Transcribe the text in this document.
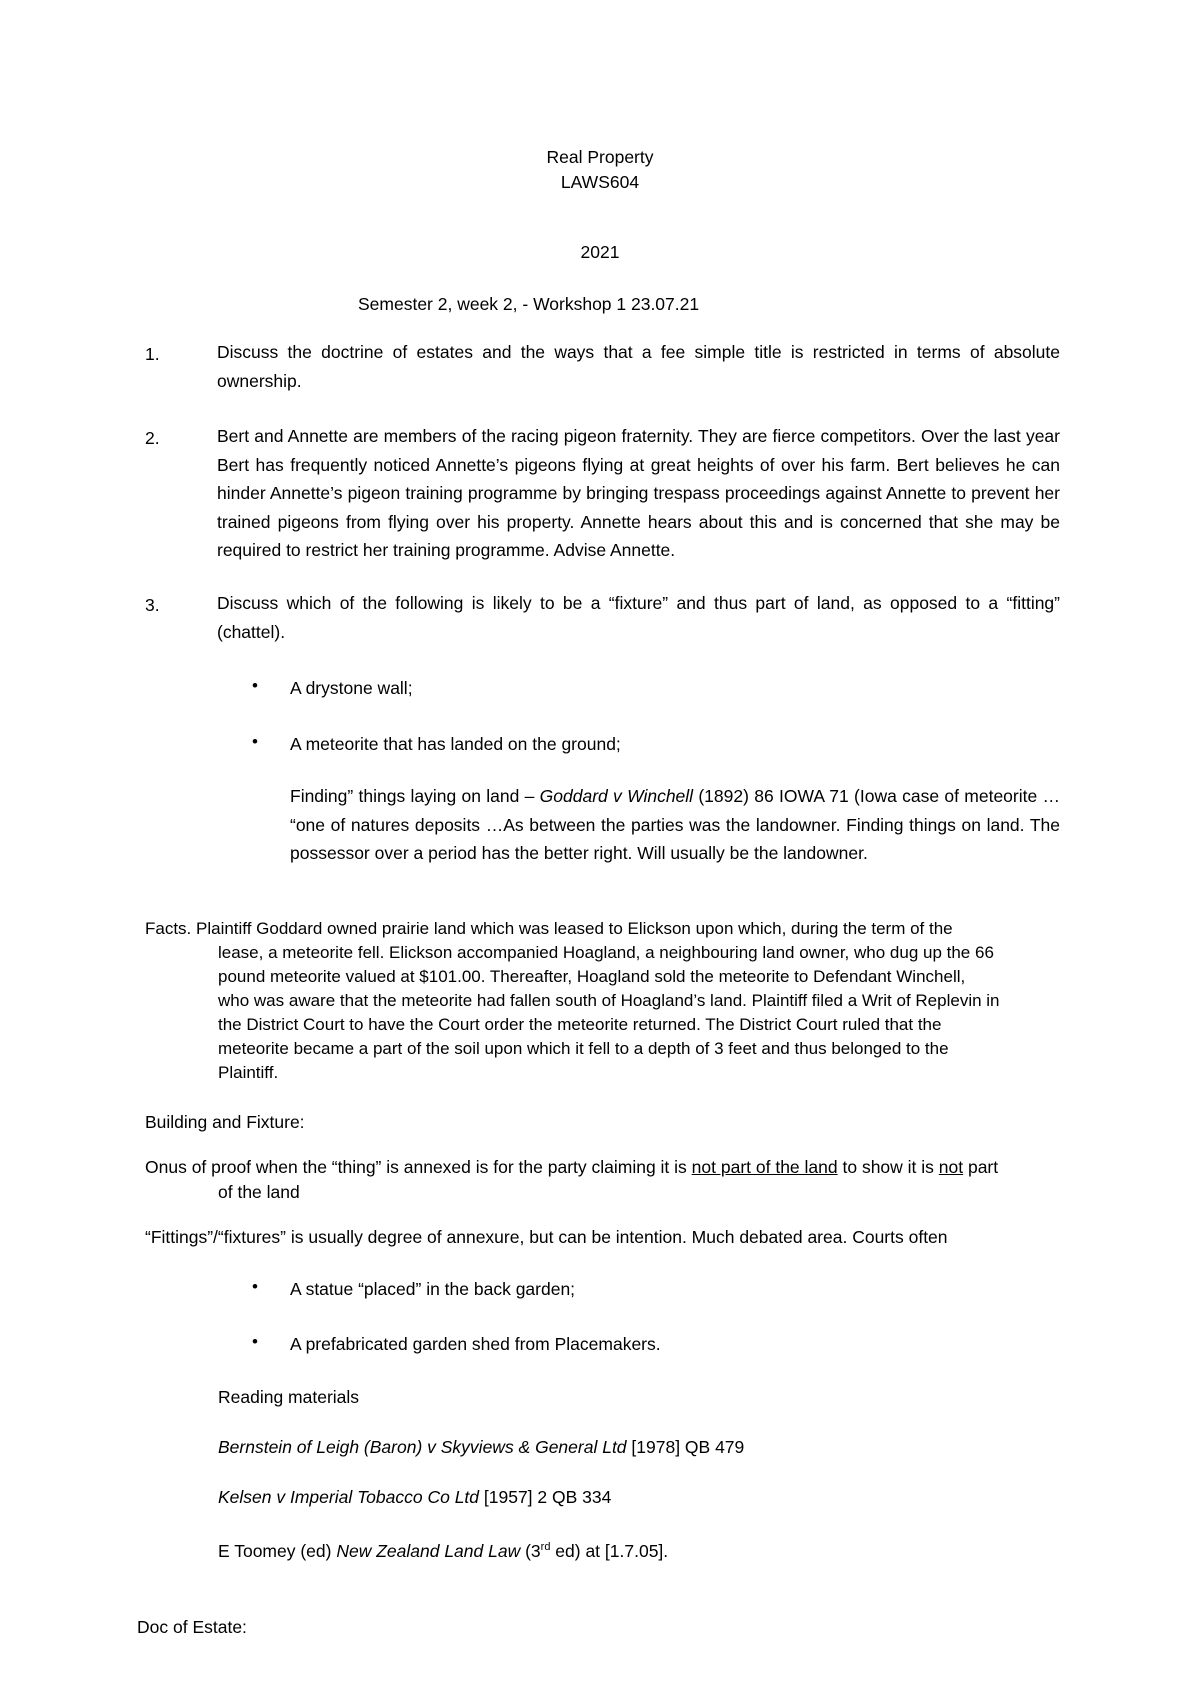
Real Property
LAWS604
2021
Semester 2, week 2, - Workshop 1 23.07.21
1.	Discuss the doctrine of estates and the ways that a fee simple title is restricted in terms of absolute ownership.
2.	Bert and Annette are members of the racing pigeon fraternity. They are fierce competitors. Over the last year Bert has frequently noticed Annette’s pigeons flying at great heights of over his farm. Bert believes he can hinder Annette’s pigeon training programme by bringing trespass proceedings against Annette to prevent her trained pigeons from flying over his property. Annette hears about this and is concerned that she may be required to restrict her training programme. Advise Annette.
3.	Discuss which of the following is likely to be a “fixture” and thus part of land, as opposed to a “fitting” (chattel).
• A drystone wall;
• A meteorite that has landed on the ground;
Finding” things laying on land – Goddard v Winchell (1892) 86 IOWA 71 (Iowa case of meteorite … “one of natures deposits …As between the parties was the landowner. Finding things on land. The possessor over a period has the better right. Will usually be the landowner.
Facts. Plaintiff Goddard owned prairie land which was leased to Elickson upon which, during the term of the
lease, a meteorite fell. Elickson accompanied Hoagland, a neighbouring land owner, who dug up the 66
pound meteorite valued at $101.00. Thereafter, Hoagland sold the meteorite to Defendant Winchell,
who was aware that the meteorite had fallen south of Hoagland’s land. Plaintiff filed a Writ of Replevin in
the District Court to have the Court order the meteorite returned. The District Court ruled that the
meteorite became a part of the soil upon which it fell to a depth of 3 feet and thus belonged to the
Plaintiff.
Building and Fixture:
Onus of proof when the “thing” is annexed is for the party claiming it is not part of the land to show it is not part
of the land
“Fittings”/“fixtures” is usually degree of annexure, but can be intention. Much debated area. Courts often
• A statue “placed” in the back garden;
• A prefabricated garden shed from Placemakers.
Reading materials
Bernstein of Leigh (Baron) v Skyviews & General Ltd [1978] QB 479
Kelsen v Imperial Tobacco Co Ltd [1957] 2 QB 334
E Toomey (ed) New Zealand Land Law (3rd ed) at [1.7.05].
Doc of Estate:
